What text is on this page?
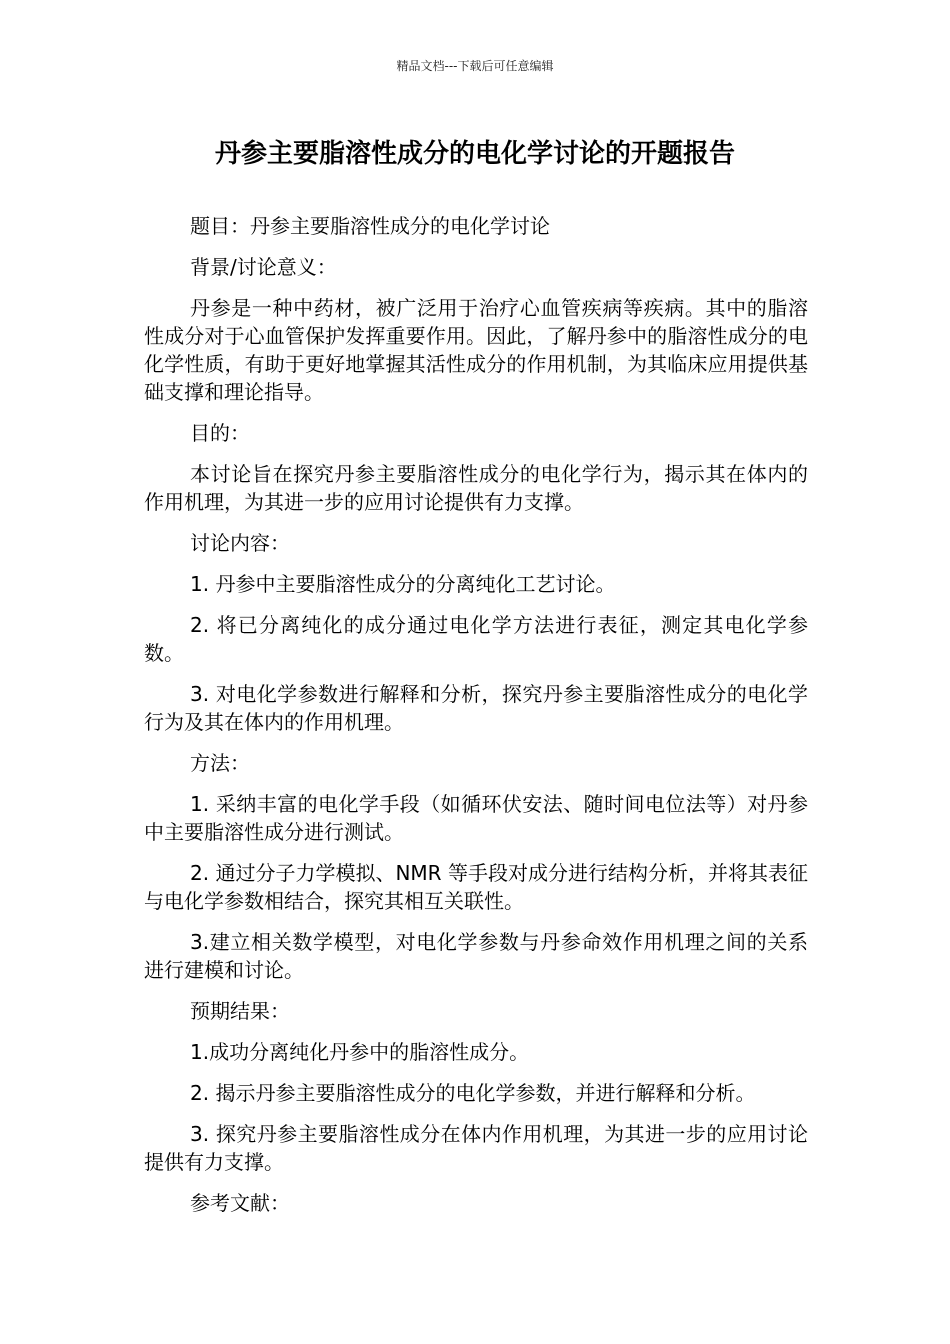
精品文档---下载后可任意编辑
丹参主要脂溶性成分的电化学讨论的开题报告

题目：丹参主要脂溶性成分的电化学讨论

背景/讨论意义：

丹参是一种中药材，被广泛用于治疗心血管疾病等疾病。其中的脂溶性成分对于心血管保护发挥重要作用。因此，了解丹参中的脂溶性成分的电化学性质，有助于更好地掌握其活性成分的作用机制，为其临床应用提供基础支撑和理论指导。

目的：

本讨论旨在探究丹参主要脂溶性成分的电化学行为，揭示其在体内的作用机理，为其进一步的应用讨论提供有力支撑。

讨论内容：

1. 丹参中主要脂溶性成分的分离纯化工艺讨论。

2. 将已分离纯化的成分通过电化学方法进行表征，测定其电化学参数。

3. 对电化学参数进行解释和分析，探究丹参主要脂溶性成分的电化学行为及其在体内的作用机理。

方法：

1. 采纳丰富的电化学手段（如循环伏安法、随时间电位法等）对丹参中主要脂溶性成分进行测试。

2. 通过分子力学模拟、NMR 等手段对成分进行结构分析，并将其表征与电化学参数相结合，探究其相互关联性。

3.建立相关数学模型，对电化学参数与丹参命效作用机理之间的关系进行建模和讨论。

预期结果：

1.成功分离纯化丹参中的脂溶性成分。

2. 揭示丹参主要脂溶性成分的电化学参数，并进行解释和分析。

3. 探究丹参主要脂溶性成分在体内作用机理，为其进一步的应用讨论提供有力支撑。

参考文献：
